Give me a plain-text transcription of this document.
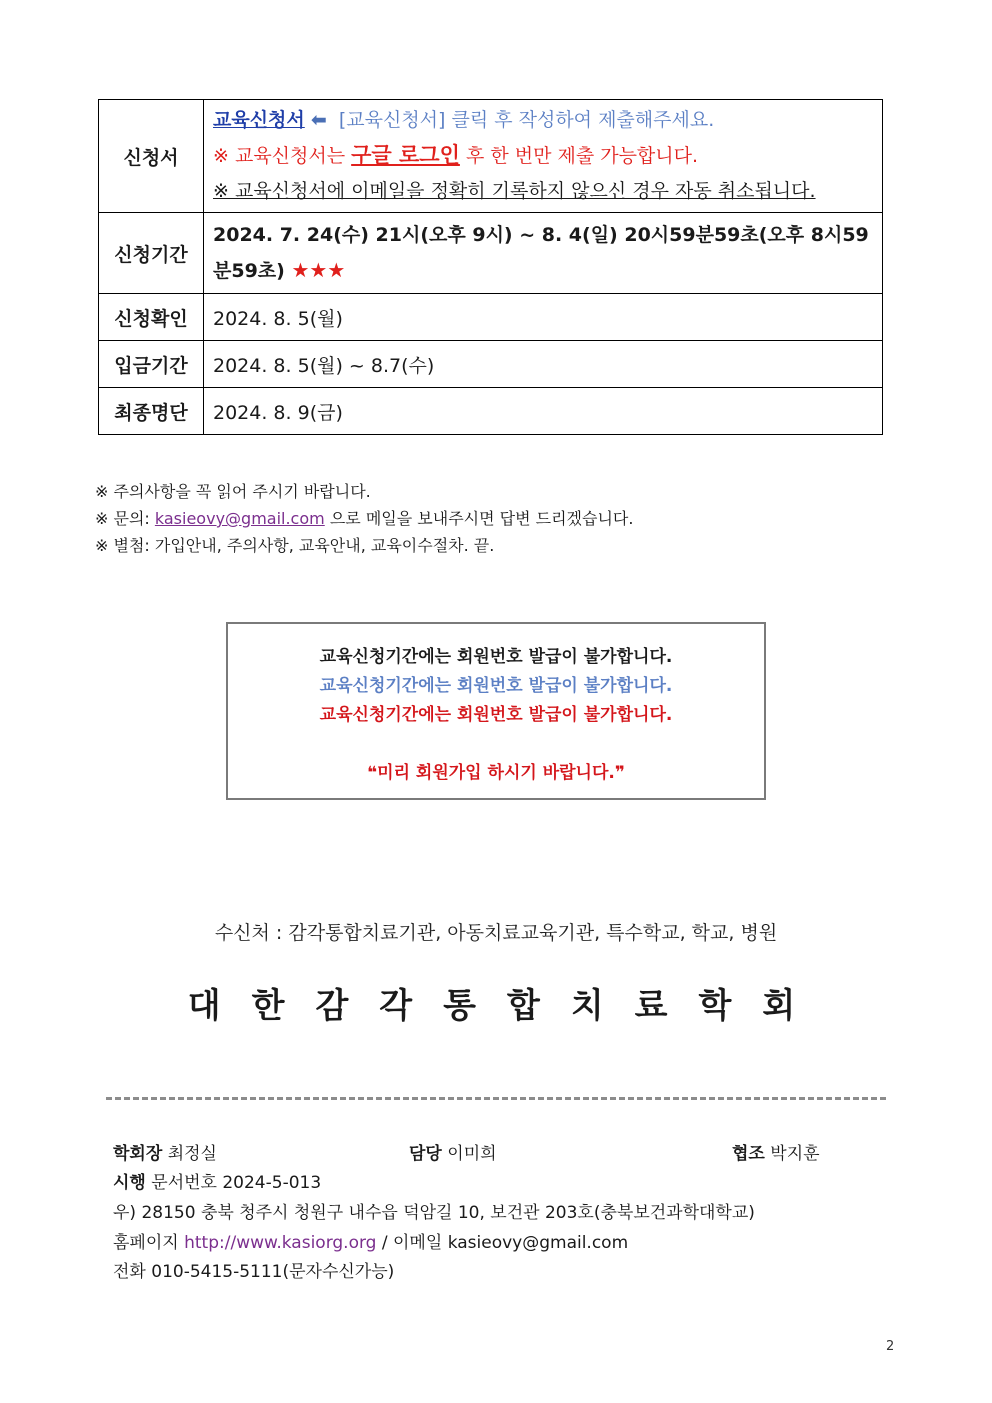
신청서	교육신청서 ⬅ [교육신청서] 클릭 후 작성하여 제출해주세요.
※ 교육신청서는 구글 로그인 후 한 번만 제출 가능합니다.
※ 교육신청서에 이메일을 정확히 기록하지 않으신 경우 자동 취소됩니다.

신청기간	2024. 7. 24(수) 21시(오후 9시) ~ 8. 4(일) 20시59분59초(오후 8시59
분59초) ★★★

신청확인	2024. 8. 5(월)
입금기간	2024. 8. 5(월) ~ 8.7(수)
최종명단	2024. 8. 9(금)
※ 주의사항을 꼭 읽어 주시기 바랍니다.
※ 문의: kasieovy@gmail.com 으로 메일을 보내주시면 답변 드리겠습니다.
※ 별첨: 가입안내, 주의사항, 교육안내, 교육이수절차. 끝.
교육신청기간에는 회원번호 발급이 불가합니다.
교육신청기간에는 회원번호 발급이 불가합니다.
교육신청기간에는 회원번호 발급이 불가합니다.
❝미리 회원가입 하시기 바랍니다.❞
수신처 : 감각통합치료기관, 아동치료교육기관, 특수학교, 학교, 병원
대한감각통합치료학회
학회장 최정실	담당 이미희	협조 박지훈
시행 문서번호 2024-5-013
우) 28150 충북 청주시 청원구 내수읍 덕암길 10, 보건관 203호(충북보건과학대학교)
홈페이지 http://www.kasiorg.org / 이메일 kasieovy@gmail.com
전화 010-5415-5111(문자수신가능)
2
